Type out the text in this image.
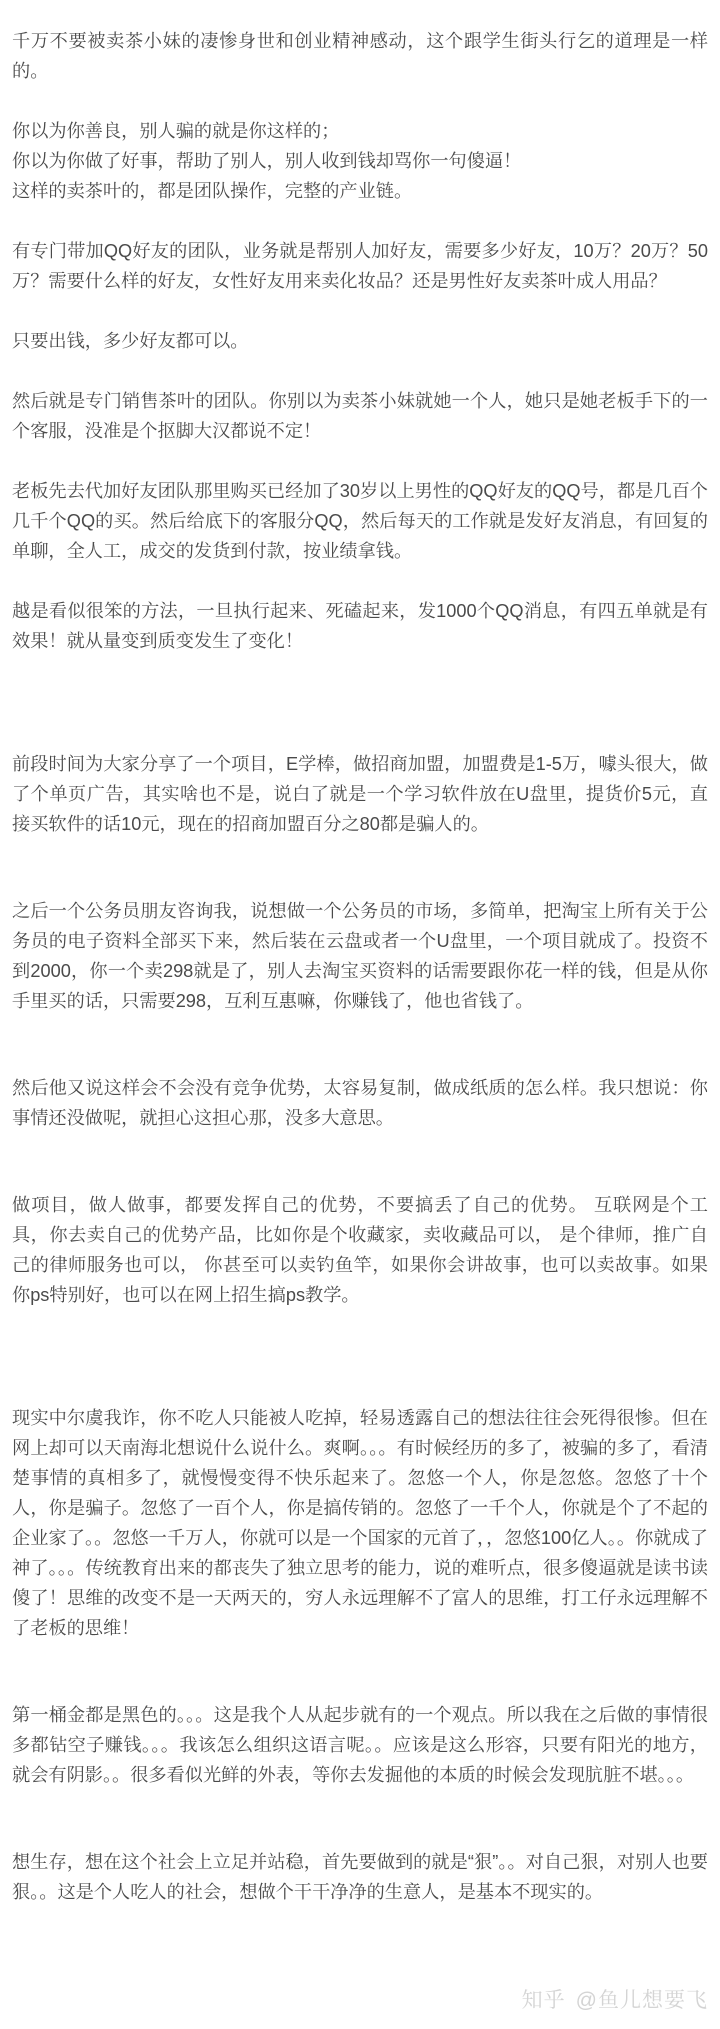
千万不要被卖茶小妹的凄惨身世和创业精神感动，这个跟学生街头行乞的道理是一样的。

你以为你善良，别人骗的就是你这样的；

你以为你做了好事，帮助了别人，别人收到钱却骂你一句傻逼！

这样的卖茶叶的，都是团队操作，完整的产业链。

有专门带加QQ好友的团队，业务就是帮别人加好友，需要多少好友，10万？20万？50万？需要什么样的好友，女性好友用来卖化妆品？还是男性好友卖茶叶成人用品？

只要出钱，多少好友都可以。

然后就是专门销售茶叶的团队。你别以为卖茶小妹就她一个人，她只是她老板手下的一个客服，没准是个抠脚大汉都说不定！

老板先去代加好友团队那里购买已经加了30岁以上男性的QQ好友的QQ号，都是几百个几千个QQ的买。然后给底下的客服分QQ，然后每天的工作就是发好友消息，有回复的单聊，全人工，成交的发货到付款，按业绩拿钱。

越是看似很笨的方法，一旦执行起来、死磕起来，发1000个QQ消息，有四五单就是有效果！就从量变到质变发生了变化！

前段时间为大家分享了一个项目，E学棒，做招商加盟，加盟费是1-5万，噱头很大，做了个单页广告，其实啥也不是，说白了就是一个学习软件放在U盘里，提货价5元，直接买软件的话10元，现在的招商加盟百分之80都是骗人的。

之后一个公务员朋友咨询我，说想做一个公务员的市场，多简单，把淘宝上所有关于公务员的电子资料全部买下来，然后装在云盘或者一个U盘里，一个项目就成了。投资不到2000，你一个卖298就是了，别人去淘宝买资料的话需要跟你花一样的钱，但是从你手里买的话，只需要298，互利互惠嘛，你赚钱了，他也省钱了。

然后他又说这样会不会没有竞争优势，太容易复制，做成纸质的怎么样。我只想说：你事情还没做呢，就担心这担心那，没多大意思。

做项目，做人做事，都要发挥自己的优势，不要搞丢了自己的优势。 互联网是个工具，你去卖自己的优势产品，比如你是个收藏家，卖收藏品可以， 是个律师，推广自己的律师服务也可以， 你甚至可以卖钓鱼竿，如果你会讲故事，也可以卖故事。如果你ps特别好，也可以在网上招生搞ps教学。

现实中尔虞我诈，你不吃人只能被人吃掉，轻易透露自己的想法往往会死得很惨。但在网上却可以天南海北想说什么说什么。爽啊。。。有时候经历的多了，被骗的多了，看清楚事情的真相多了，就慢慢变得不快乐起来了。忽悠一个人，你是忽悠。忽悠了十个人，你是骗子。忽悠了一百个人，你是搞传销的。忽悠了一千个人，你就是个了不起的企业家了。。忽悠一千万人，你就可以是一个国家的元首了，，忽悠100亿人。。你就成了神了。。。传统教育出来的都丧失了独立思考的能力，说的难听点，很多傻逼就是读书读傻了！思维的改变不是一天两天的，穷人永远理解不了富人的思维，打工仔永远理解不了老板的思维！

第一桶金都是黑色的。。。这是我个人从起步就有的一个观点。所以我在之后做的事情很多都钻空子赚钱。。。我该怎么组织这语言呢。。应该是这么形容，只要有阳光的地方，就会有阴影。。很多看似光鲜的外表，等你去发掘他的本质的时候会发现肮脏不堪。。。

想生存，想在这个社会上立足并站稳，首先要做到的就是“狠”。。对自己狠，对别人也要狠。。这是个人吃人的社会，想做个干干净净的生意人，是基本不现实的。

知乎 @鱼儿想要飞
